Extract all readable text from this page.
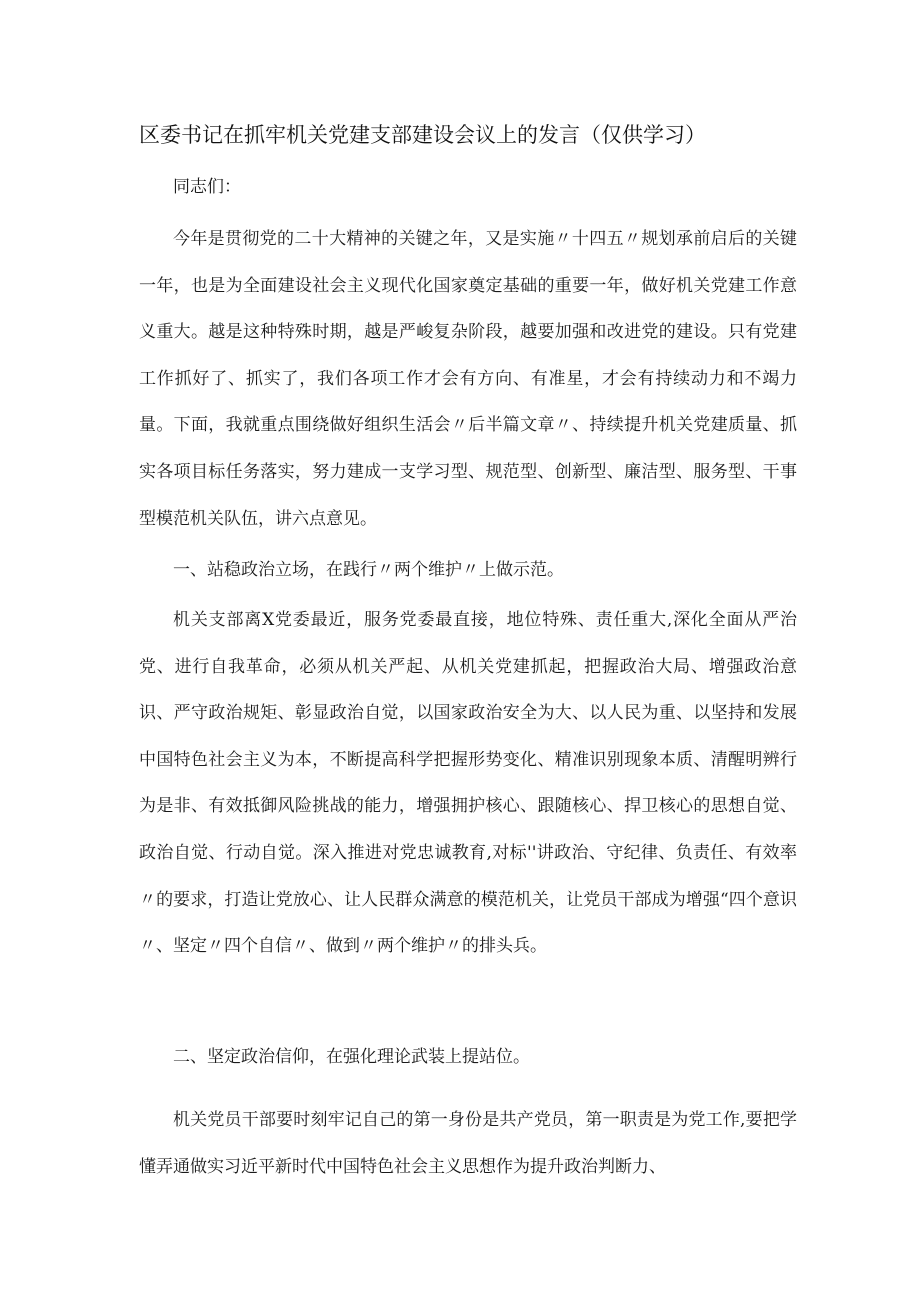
区委书记在抓牢机关党建支部建设会议上的发言（仅供学习）

同志们：

今年是贯彻党的二十大精神的关键之年，又是实施〃十四五〃规划承前启后的关键一年，也是为全面建设社会主义现代化国家奠定基础的重要一年，做好机关党建工作意义重大。越是这种特殊时期，越是严峻复杂阶段，越要加强和改进党的建设。只有党建工作抓好了、抓实了，我们各项工作才会有方向、有准星，才会有持续动力和不竭力量。下面，我就重点围绕做好组织生活会〃后半篇文章〃、持续提升机关党建质量、抓实各项目标任务落实，努力建成一支学习型、规范型、创新型、廉洁型、服务型、干事型模范机关队伍，讲六点意见。

一、站稳政治立场，在践行〃两个维护〃上做示范。

机关支部离X党委最近，服务党委最直接，地位特殊、责任重大,深化全面从严治党、进行自我革命，必须从机关严起、从机关党建抓起，把握政治大局、增强政治意识、严守政治规矩、彰显政治自觉，以国家政治安全为大、以人民为重、以坚持和发展中国特色社会主义为本，不断提高科学把握形势变化、精准识别现象本质、清醒明辨行为是非、有效抵御风险挑战的能力，增强拥护核心、跟随核心、捍卫核心的思想自觉、政治自觉、行动自觉。深入推进对党忠诚教育,对标''讲政治、守纪律、负责任、有效率〃的要求，打造让党放心、让人民群众满意的模范机关，让党员干部成为增强“四个意识〃、坚定〃四个自信〃、做到〃两个维护〃的排头兵。

二、坚定政治信仰，在强化理论武装上提站位。

机关党员干部要时刻牢记自己的第一身份是共产党员，第一职责是为党工作,要把学懂弄通做实习近平新时代中国特色社会主义思想作为提升政治判断力、
